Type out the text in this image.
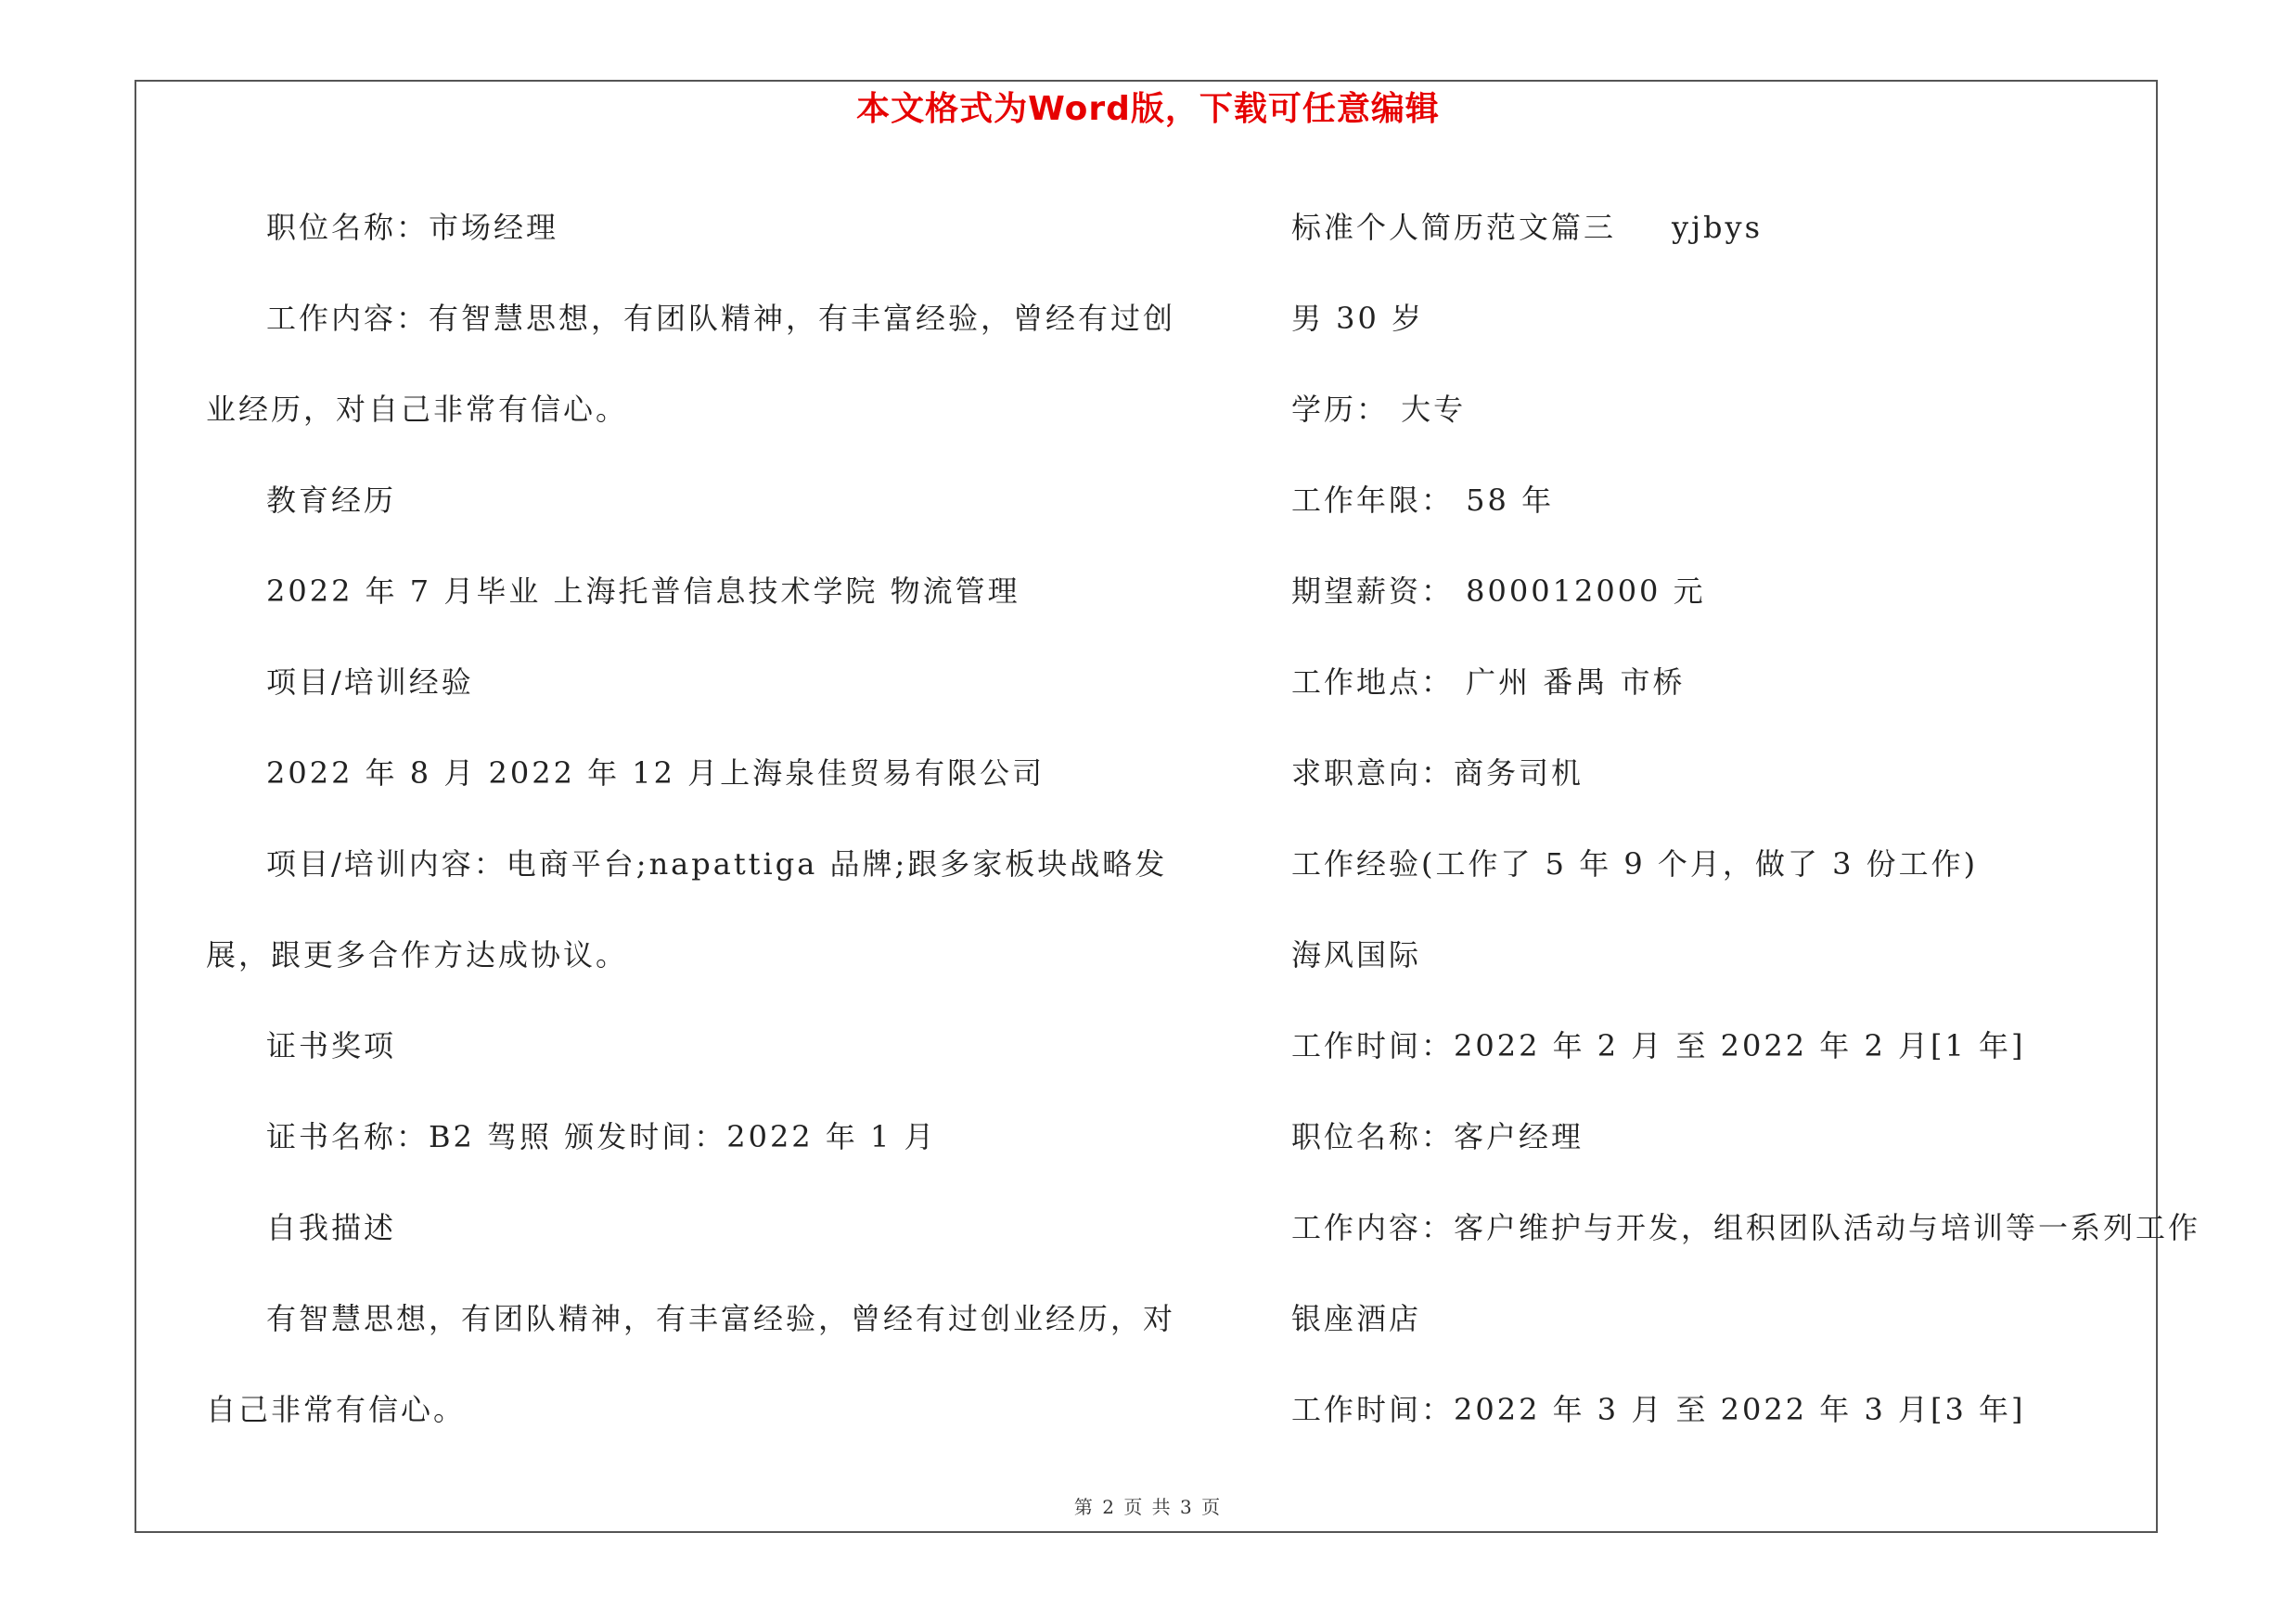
本文格式为Word版，下载可任意编辑
职位名称：市场经理
工作内容：有智慧思想，有团队精神，有丰富经验，曾经有过创
业经历，对自己非常有信心。
教育经历
2022 年 7 月毕业 上海托普信息技术学院 物流管理
项目/培训经验
2022 年 8 月 2022 年 12 月上海泉佳贸易有限公司
项目/培训内容：电商平台;napattiga 品牌;跟多家板块战略发
展，跟更多合作方达成协议。
证书奖项
证书名称：B2 驾照 颁发时间：2022 年 1 月
自我描述
有智慧思想，有团队精神，有丰富经验，曾经有过创业经历，对
自己非常有信心。
标准个人简历范文篇三 yjbys
男 30 岁
学历： 大专
工作年限： 58 年
期望薪资： 800012000 元
工作地点： 广州 番禺 市桥
求职意向：商务司机
工作经验(工作了 5 年 9 个月，做了 3 份工作)
海风国际
工作时间：2022 年 2 月 至 2022 年 2 月[1 年]
职位名称：客户经理
工作内容：客户维护与开发，组积团队活动与培训等一系列工作
银座酒店
工作时间：2022 年 3 月 至 2022 年 3 月[3 年]
第 2 页 共 3 页
